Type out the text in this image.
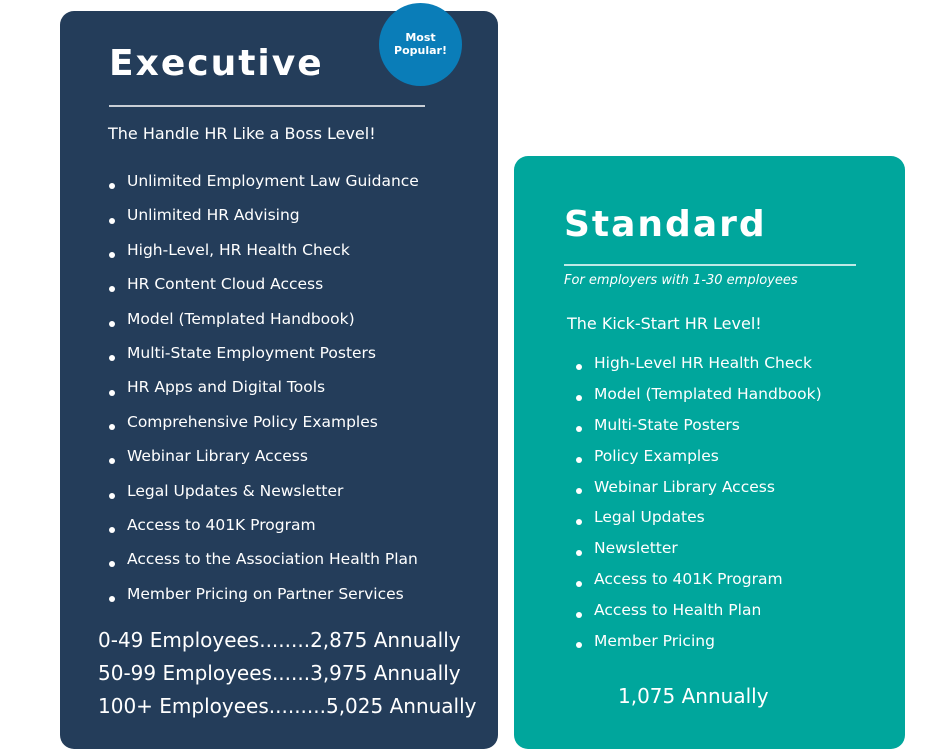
Executive
The Handle HR Like a Boss Level!
Unlimited Employment Law Guidance
Unlimited HR Advising
High-Level, HR Health Check
HR Content Cloud Access
Model (Templated Handbook)
Multi-State Employment Posters
HR Apps and Digital Tools
Comprehensive Policy Examples
Webinar Library Access
Legal Updates & Newsletter
Access to 401K Program
Access to the Association Health Plan
Member Pricing on Partner Services
0-49 Employees........2,875 Annually
50-99 Employees......3,975 Annually
100+ Employees.........5,025 Annually
Most
Popular!
Standard
For employers with 1-30 employees
The Kick-Start HR Level!
High-Level HR Health Check
Model (Templated Handbook)
Multi-State Posters
Policy Examples
Webinar Library Access
Legal Updates
Newsletter
Access to 401K Program
Access to Health Plan
Member Pricing
1,075 Annually
